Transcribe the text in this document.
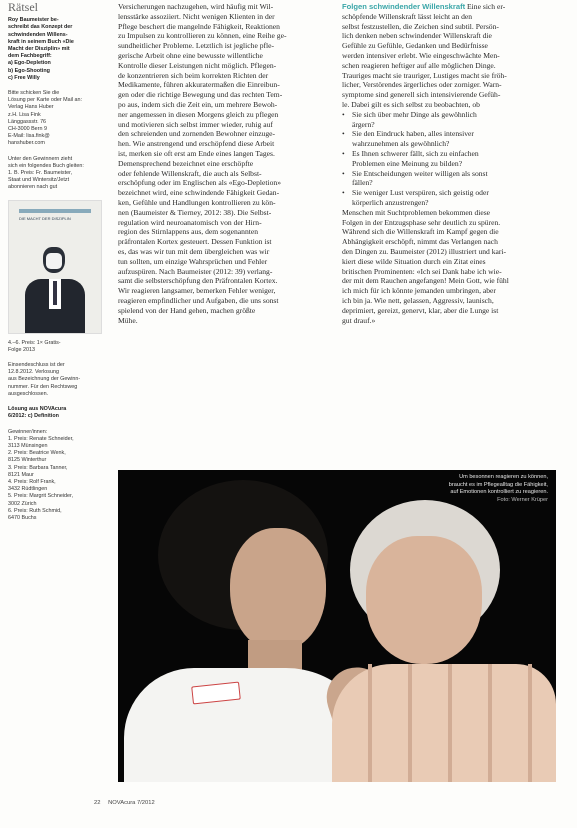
Rätsel
Roy Baumeister be-
schreibt das Konzept der
schwindenden Willens-
kraft in seinem Buch «Die
Macht der Disziplin» mit
dem Fachbegriff:
a) Ego-Depletion
b) Ego-Shooting
c) Free Willy
Bitte schicken Sie die
Lösung per Karte oder Mail an:
Verlag Hans Huber
z.H. Lisa Fink
Länggassstr. 76
CH-3000 Bern 9
E-Mail: lisa.fink@
hanshuber.com
Unter den Gewinnern zieht
sich ein folgendes Buch gleiten:
1. B. Preis: Fr. Baumeister,
Staat und Wintersitz/Jetzt
abonnieren nach gut
DIE MACHT DER DISZIPLIN
4.–6. Preis: 1× Gratis-
Folge 2013
Einsendeschluss ist der
12.8.2012. Verlosung
aus Bezeichnung der Gewinn-
nummer. Für den Rechtsweg
ausgeschlossen.
Lösung aus NOVAcura
6/2012: c) Definition
Gewinner/innen:
1. Preis: Renate Schneider,
3113 Münsingen
2. Preis: Beatrice Wenk,
8125 Winterthur
3. Preis: Barbara Tanner,
8121 Maur
4. Preis: Rolf Frank,
3432 Rüdtlingen
5. Preis: Margrit Schneider,
3002 Zürich
6. Preis: Ruth Schmid,
6470 Buchs
Versicherungen nachzugehen, wird häufig mit Wil-
lensstärke assoziiert. Nicht wenigen Klienten in der
Pflege beschert die mangelnde Fähigkeit, Reaktionen
zu Impulsen zu kontrollieren zu können, eine Reihe ge-
sundheitlicher Probleme. Letztlich ist jegliche pfle-
gerische Arbeit ohne eine bewusste willentliche
Kontrolle dieser Leistungen nicht möglich. Pflegen-
de konzentrieren sich beim korrekten Richten der
Medikamente, führen akkuratermaßen die Einreibun-
gen oder die richtige Bewegung und das rechten Tem-
po aus, indem sich die Zeit ein, um mehrere Bewoh-
ner angemessen in diesen Morgens gleich zu pflegen
und motivieren sich selbst immer wieder, ruhig auf
den schreienden und zornenden Bewohner einzuge-
hen. Wie anstrengend und erschöpfend diese Arbeit
ist, merken sie oft erst am Ende eines langen Tages.
Demensprechend bezeichnet eine erschöpfte
oder fehlende Willenskraft, die auch als Selbst-
erschöpfung oder im Englischen als «Ego-Depletion»
bezeichnet wird, eine schwindende Fähigkeit Gedan-
ken, Gefühle und Handlungen kontrollieren zu kön-
nen (Baumeister & Tierney, 2012: 38). Die Selbst-
regulation wird neuroanatomisch von der Hirn-
region des Stirnlappens aus, dem sogenannten
präfrontalen Kortex gesteuert. Dessen Funktion ist
es, das was wir tun mit dem übergleichen was wir
tun sollten, um einzige Wahrsprüchen und Fehler
aufzuspüren. Nach Baumeister (2012: 39) verlang-
samt die selbsterschöpfung den Präfrontalen Kortex.
Wir reagieren langsamer, bemerken Fehler weniger,
reagieren empfindlicher und Aufgaben, die uns sonst
spielend von der Hand gehen, machen größte
Mühe.
Folgen schwindender Willenskraft Eine sich er-
schöpfende Willenskraft lässt leicht an den
selbst festzustellen, die Zeichen sind subtil. Persön-
lich denken neben schwindender Willenskraft die
Gefühle zu Gefühle, Gedanken und Bedürfnisse
werden intensiver erlebt. Wie eingeschwächte Men-
schen reagieren heftiger auf alle möglichen Dinge.
Trauriges macht sie trauriger, Lustiges macht sie fröh-
licher, Verstörendes ärgerliches oder zorniger. Warn-
symptome sind generell sich intensivierende Gefüh-
le. Dabei gilt es sich selbst zu beobachten, ob
• Sie sich über mehr Dinge als gewöhnlich
ärgern?
• Sie den Eindruck haben, alles intensiver
wahrzunehmen als gewöhnlich?
• Es Ihnen schwerer fällt, sich zu einfachen
Problemen eine Meinung zu bilden?
• Sie Entscheidungen weiter willigen als sonst
fällen?
• Sie weniger Lust verspüren, sich geistig oder
körperlich anzustrengen?
Menschen mit Suchtproblemen bekommen diese
Folgen in der Entzugsphase sehr deutlich zu spüren.
Während sich die Willenskraft im Kampf gegen die
Abhängigkeit erschöpft, nimmt das Verlangen nach
den Dingen zu. Baumeister (2012) illustriert und kari-
kiert diese wilde Situation durch ein Zitat eines
britischen Prominenten: «Ich sei Dank habe ich wie-
der mit dem Rauchen angefangen! Mein Gott, wie fühl
ich mich für ich könnte jemanden umbringen, aber
ich bin ja. Wie nett, gelassen, Aggressiv, launisch,
deprimiert, gereizt, genervt, klar, aber die Lunge ist
gut drauf.»
Um besonnen reagieren zu können,
braucht es im Pflegealltag die Fähigkeit,
auf Emotionen kontrolliert zu reagieren.
Foto: Werner Krüper
22 NOVAcura 7/2012
